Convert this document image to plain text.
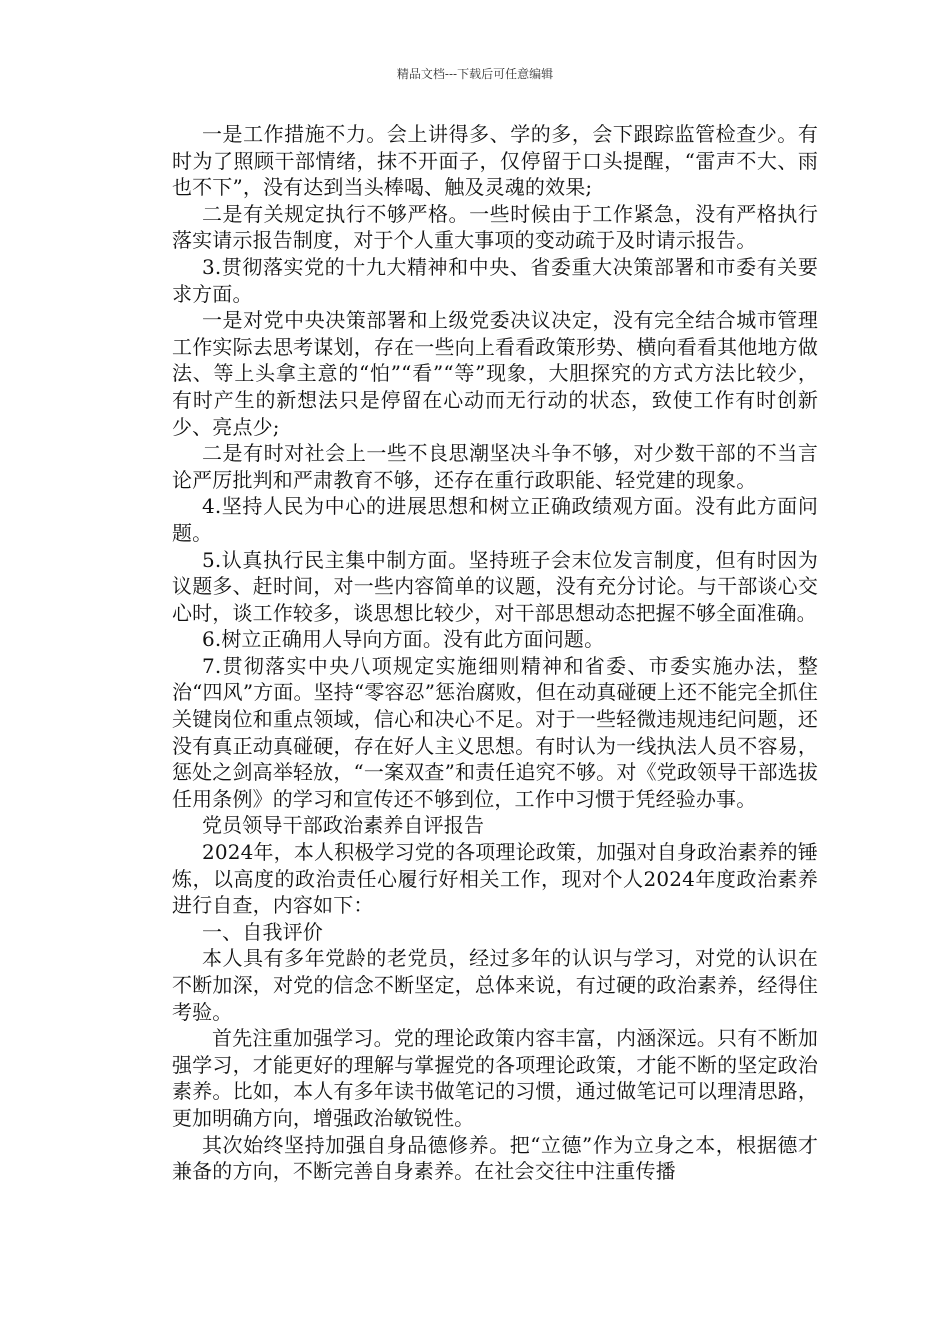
精品文档---下载后可任意编辑

一是工作措施不力。会上讲得多、学的多，会下跟踪监管检查少。有时为了照顾干部情绪，抹不开面子，仅停留于口头提醒，“雷声不大、雨也不下”，没有达到当头棒喝、触及灵魂的效果;

二是有关规定执行不够严格。一些时候由于工作紧急，没有严格执行落实请示报告制度，对于个人重大事项的变动疏于及时请示报告。

3.贯彻落实党的十九大精神和中央、省委重大决策部署和市委有关要求方面。

一是对党中央决策部署和上级党委决议决定，没有完全结合城市管理工作实际去思考谋划，存在一些向上看看政策形势、横向看看其他地方做法、等上头拿主意的“怕”“看”“等”现象，大胆探究的方式方法比较少，有时产生的新想法只是停留在心动而无行动的状态，致使工作有时创新少、亮点少;

二是有时对社会上一些不良思潮坚决斗争不够，对少数干部的不当言论严厉批判和严肃教育不够，还存在重行政职能、轻党建的现象。

4.坚持人民为中心的进展思想和树立正确政绩观方面。没有此方面问题。

5.认真执行民主集中制方面。坚持班子会末位发言制度，但有时因为议题多、赶时间，对一些内容简单的议题，没有充分讨论。与干部谈心交心时，谈工作较多，谈思想比较少，对干部思想动态把握不够全面准确。

6.树立正确用人导向方面。没有此方面问题。

7.贯彻落实中央八项规定实施细则精神和省委、市委实施办法，整治“四风”方面。坚持“零容忍”惩治腐败，但在动真碰硬上还不能完全抓住关键岗位和重点领域，信心和决心不足。对于一些轻微违规违纪问题，还没有真正动真碰硬，存在好人主义思想。有时认为一线执法人员不容易，惩处之剑高举轻放，“一案双查”和责任追究不够。对《党政领导干部选拔任用条例》的学习和宣传还不够到位，工作中习惯于凭经验办事。

党员领导干部政治素养自评报告

2024年，本人积极学习党的各项理论政策，加强对自身政治素养的锤炼，以高度的政治责任心履行好相关工作，现对个人2024年度政治素养进行自查，内容如下：

一、自我评价

本人具有多年党龄的老党员，经过多年的认识与学习，对党的认识在不断加深，对党的信念不断坚定，总体来说，有过硬的政治素养，经得住考验。

首先注重加强学习。党的理论政策内容丰富，内涵深远。只有不断加强学习，才能更好的理解与掌握党的各项理论政策，才能不断的坚定政治素养。比如，本人有多年读书做笔记的习惯，通过做笔记可以理清思路，更加明确方向，增强政治敏锐性。

其次始终坚持加强自身品德修养。把“立德”作为立身之本，根据德才兼备的方向，不断完善自身素养。在社会交往中注重传播
